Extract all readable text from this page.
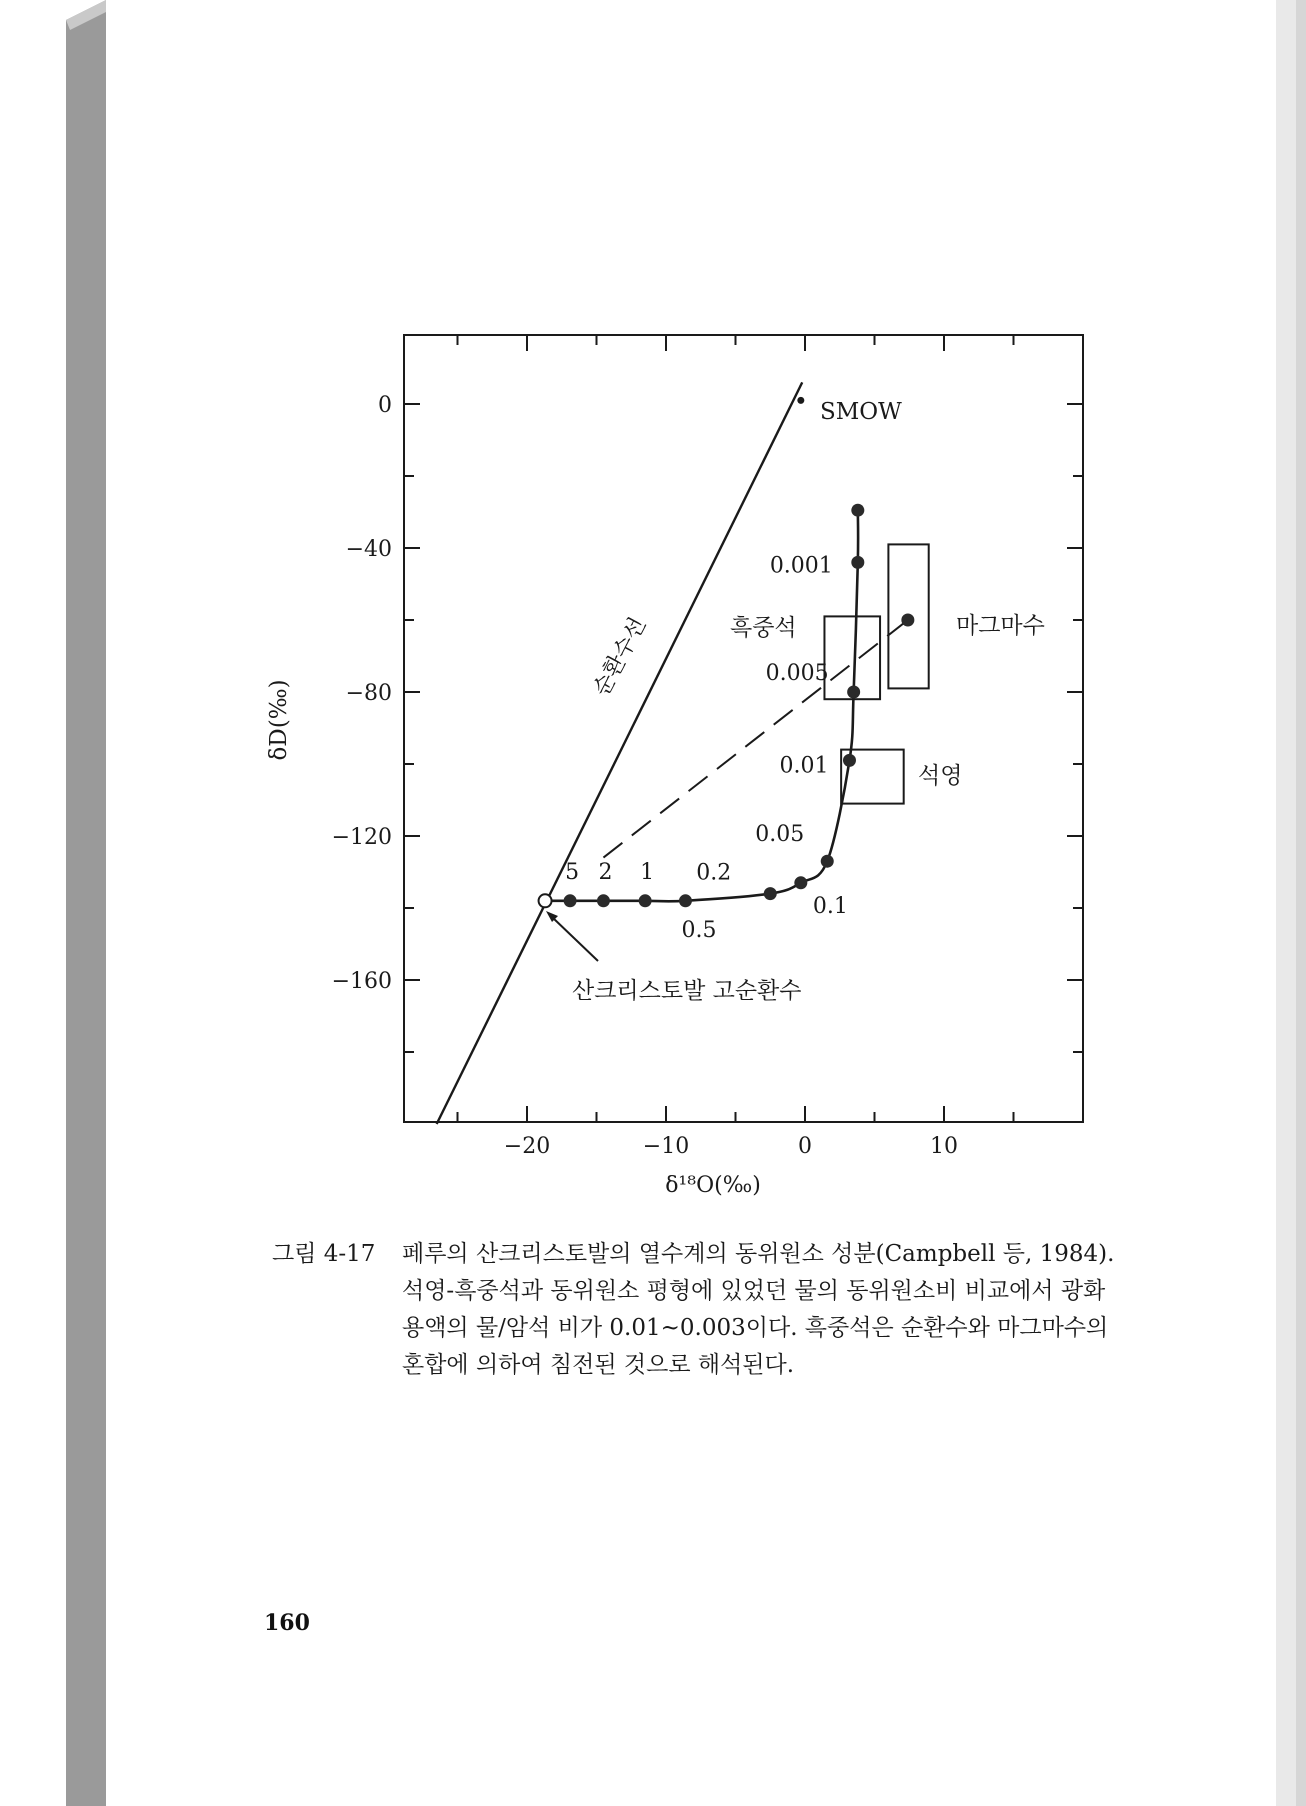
−20	−10	0	10
0
−40
−80
−120
−160
δ¹⁸O(‰)
δD(‰)
순환수선
SMOW
흑중석	마그마수
석영
0.001
0.005
0.01
0.05
0.1
0.2
0.5
1
2
5
산크리스토발 고순환수
그림 4-17	페루의 산크리스토발의 열수계의 동위원소 성분(Campbell 등, 1984).
석영-흑중석과 동위원소 평형에 있었던 물의 동위원소비 비교에서 광화
용액의 물/암석 비가 0.01~0.003이다. 흑중석은 순환수와 마그마수의
혼합에 의하여 침전된 것으로 해석된다.
160
